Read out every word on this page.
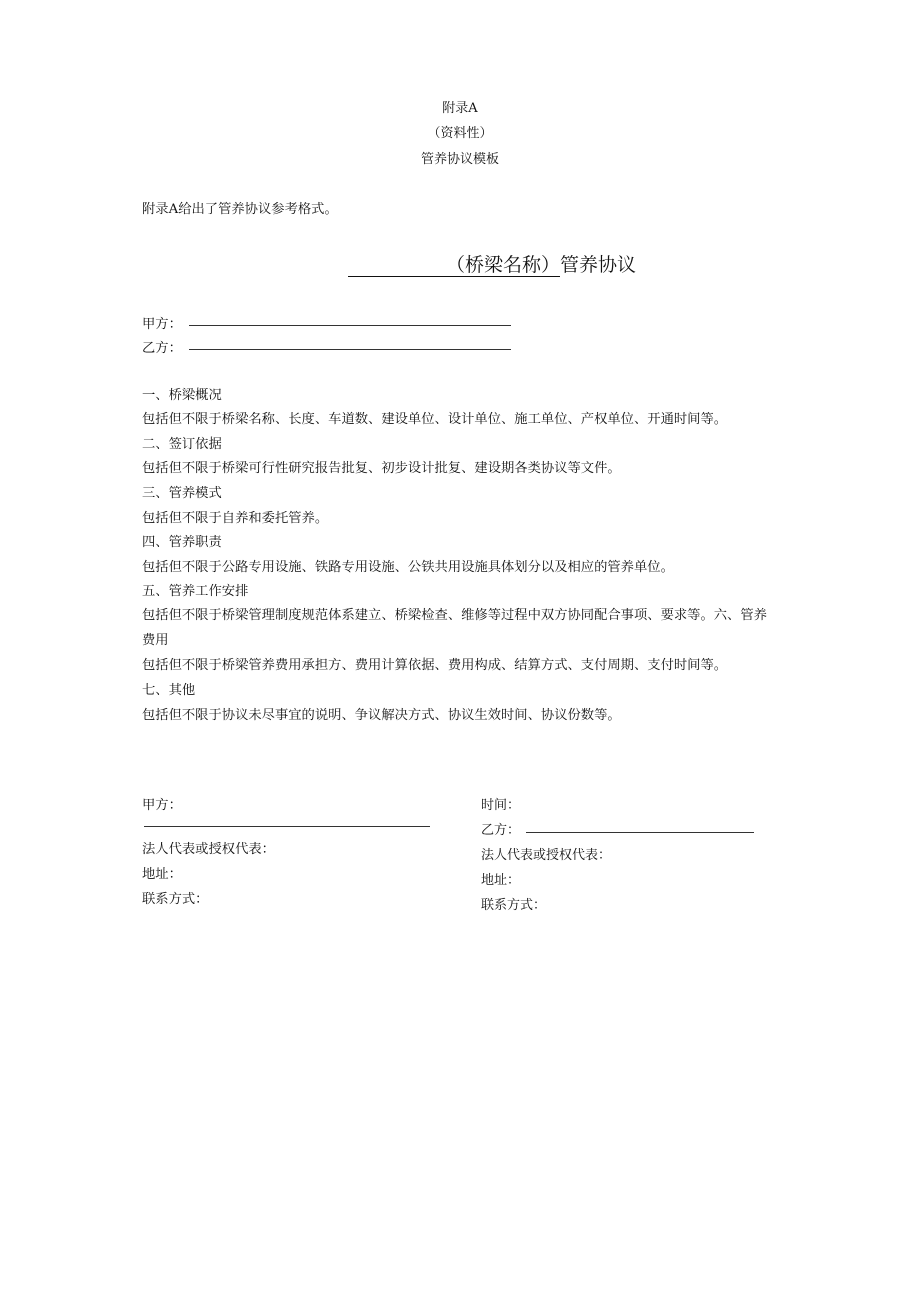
附录A
（资料性）
管养协议模板
附录A给出了管养协议参考格式。
（桥梁名称）管养协议
甲方：
乙方：
一、桥梁概况
包括但不限于桥梁名称、长度、车道数、建设单位、设计单位、施工单位、产权单位、开通时间等。
二、签订依据
包括但不限于桥梁可行性研究报告批复、初步设计批复、建设期各类协议等文件。
三、管养模式
包括但不限于自养和委托管养。
四、管养职责
包括但不限于公路专用设施、铁路专用设施、公铁共用设施具体划分以及相应的管养单位。
五、管养工作安排
包括但不限于桥梁管理制度规范体系建立、桥梁检查、维修等过程中双方协同配合事项、要求等。六、管养
费用
包括但不限于桥梁管养费用承担方、费用计算依据、费用构成、结算方式、支付周期、支付时间等。
七、其他
包括但不限于协议未尽事宜的说明、争议解决方式、协议生效时间、协议份数等。
甲方：
法人代表或授权代表：
地址：
联系方式：
时间：
乙方：
法人代表或授权代表：
地址：
联系方式：
